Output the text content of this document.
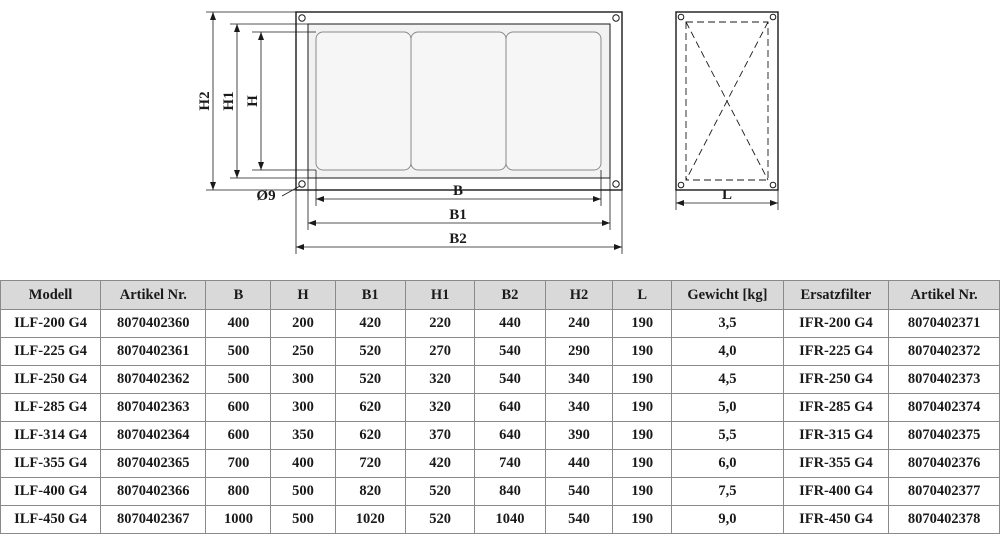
H2 H1 H
Ø9	B
B1
B2
L
Modell	Artikel Nr.	B	H	B1	H1	B2	H2	L	Gewicht [kg]	Ersatzfilter	Artikel Nr.
ILF-200 G4	8070402360	400	200	420	220	440	240	190	3,5	IFR-200 G4	8070402371
ILF-225 G4	8070402361	500	250	520	270	540	290	190	4,0	IFR-225 G4	8070402372
ILF-250 G4	8070402362	500	300	520	320	540	340	190	4,5	IFR-250 G4	8070402373
ILF-285 G4	8070402363	600	300	620	320	640	340	190	5,0	IFR-285 G4	8070402374
ILF-314 G4	8070402364	600	350	620	370	640	390	190	5,5	IFR-315 G4	8070402375
ILF-355 G4	8070402365	700	400	720	420	740	440	190	6,0	IFR-355 G4	8070402376
ILF-400 G4	8070402366	800	500	820	520	840	540	190	7,5	IFR-400 G4	8070402377
ILF-450 G4	8070402367	1000	500	1020	520	1040	540	190	9,0	IFR-450 G4	8070402378
